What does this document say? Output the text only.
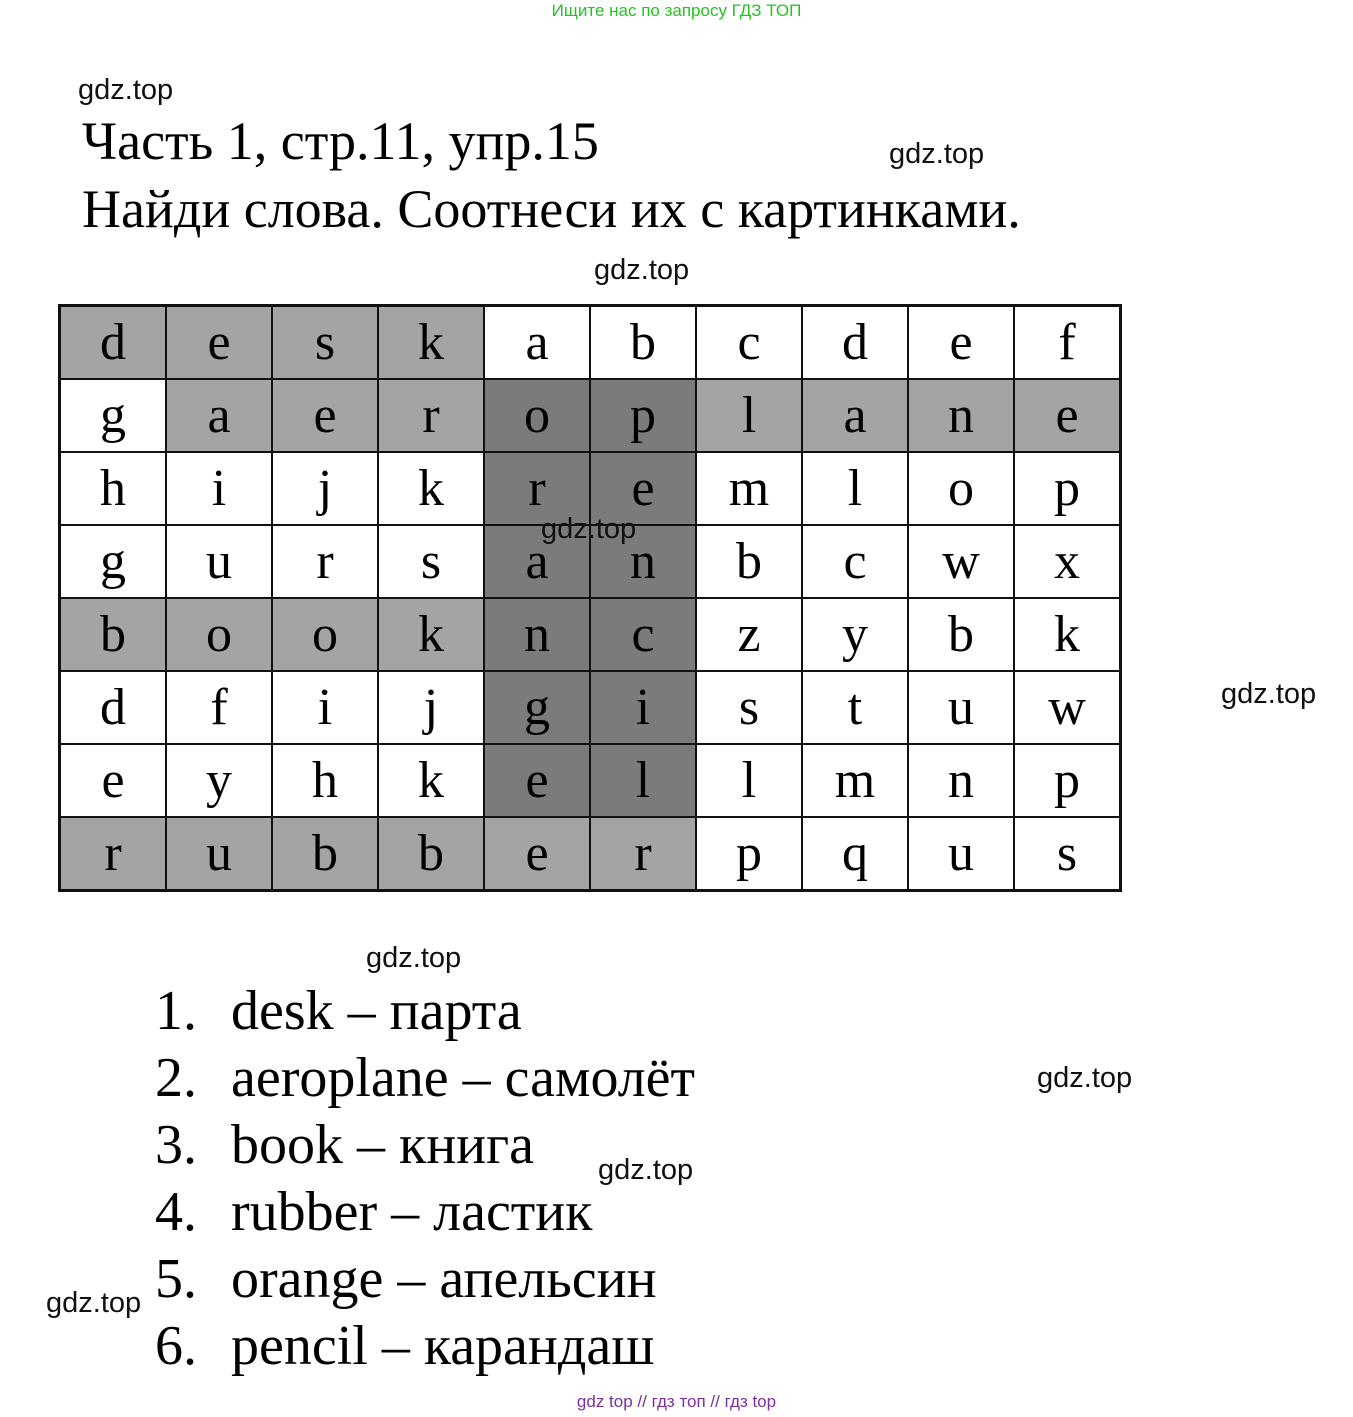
Ищите нас по запросу ГДЗ ТОП
gdz.top
Часть 1, стр.11, упр.15	gdz.top
Найди слова. Соотнеси их с картинками.
gdz.top
d	e	s	k	a	b	c	d	e	f
g	a	e	r	o	p	l	a	n	e
h	i	j	k	r	e	m	l	o	p
g	u	r	s	a	n	b	c	w	x
b	o	o	k	n	c	z	y	b	k
d	f	i	j	g	i	s	t	u	w
e	y	h	k	e	l	l	m	n	p
r	u	b	b	e	r	p	q	u	s
gdz.top
gdz.top
gdz.top
1. desk – парта
2. aeroplane – самолёт
3. book – книга
4. rubber – ластик
5. orange – апельсин
6. pencil – карандаш
gdz.top
gdz.top
gdz.top
gdz top // гдз топ // гдз top
